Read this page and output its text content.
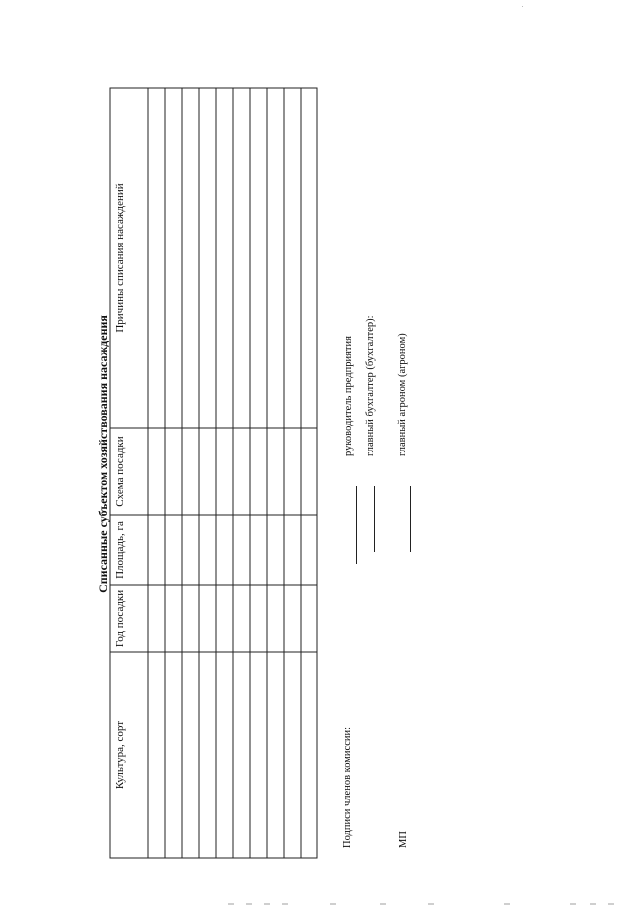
Списанные субъектом хозяйствования насаждения
Культура, сорт
Год посадки
Площадь, га
Схема посадки
Причины списания насаждений
Подписи членов комиссии:
руководитель предприятия главный бухгалтер (бухгалтер): главный агроном (агроном)
МП
